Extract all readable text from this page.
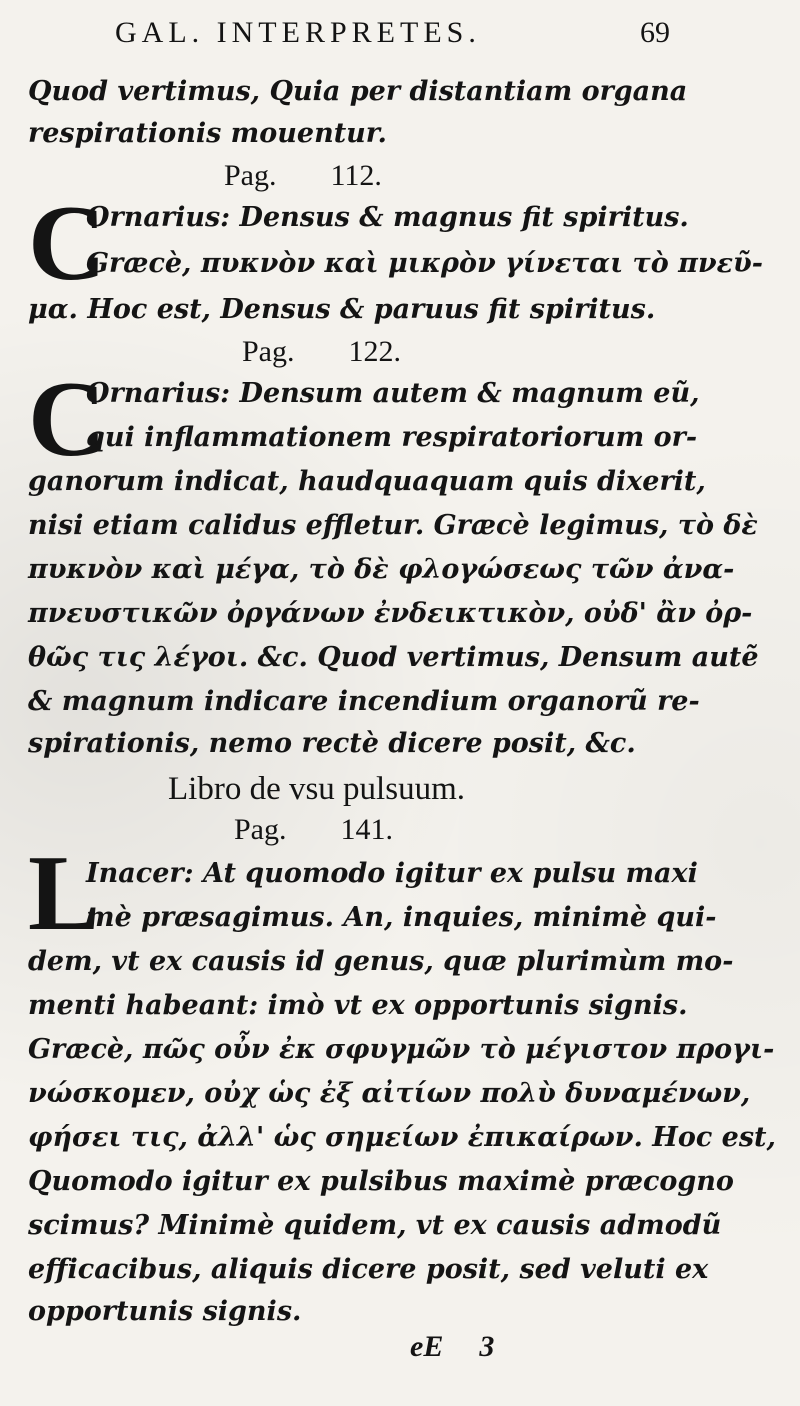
GAL. INTERPRETES.	69
Quod vertimus, Quia per distantiam organa
respirationis mouentur.
Pag. 112.
C
Ornarius: Densus & magnus fit spiritus.
Græcè, πυκνὸν καὶ μικρὸν γίνεται τὸ πνεῦ-
μα. Hoc est, Densus & paruus fit spiritus.
Pag. 122.
C
Ornarius: Densum autem & magnum eũ,
qui inflammationem respiratoriorum or-
ganorum indicat, haudquaquam quis dixerit,
nisi etiam calidus effletur. Græcè legimus, τὸ δὲ
πυκνὸν καὶ μέγα, τὸ δὲ φλογώσεως τῶν ἀνα-
πνευστικῶν ὀργάνων ἐνδεικτικὸν, οὐδ' ἂν ὀρ-
θῶς τις λέγοι. &c. Quod vertimus, Densum autẽ
& magnum indicare incendium organorũ re-
spirationis, nemo rectè dicere posit, &c.
Libro de vsu pulsuum.
Pag. 141.
L
Inacer: At quomodo igitur ex pulsu maxi
mè præsagimus. An, inquies, minimè qui-
dem, vt ex causis id genus, quæ plurimùm mo-
menti habeant: imò vt ex opportunis signis.
Græcè, πῶς οὖν ἐκ σφυγμῶν τὸ μέγιστον προγι-
νώσκομεν, οὐχ ὡς ἐξ αἰτίων πολὺ δυναμένων,
φήσει τις, ἀλλ' ὡς σημείων ἐπικαίρων. Hoc est,
Quomodo igitur ex pulsibus maximè præcogno
scimus? Minimè quidem, vt ex causis admodũ
efficacibus, aliquis dicere posit, sed veluti ex
opportunis signis.
eE 3
